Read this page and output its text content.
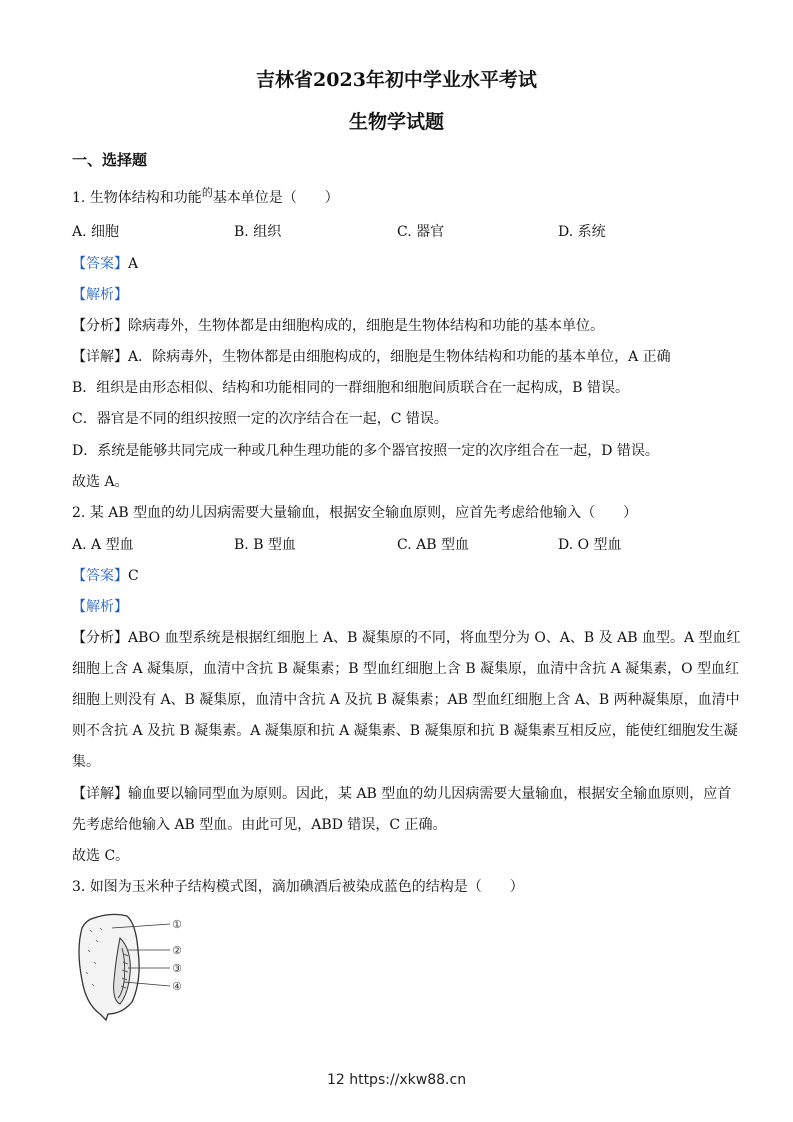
吉林省2023年初中学业水平考试
生物学试题
一、选择题
1. 生物体结构和功能$^的$基本单位是（　　）
A. 细胞	B. 组织	C. 器官	D. 系统
【答案】A
【解析】
【分析】除病毒外，生物体都是由细胞构成的，细胞是生物体结构和功能的基本单位。
【详解】A．除病毒外，生物体都是由细胞构成的，细胞是生物体结构和功能的基本单位，A 正确
B．组织是由形态相似、结构和功能相同的一群细胞和细胞间质联合在一起构成，B 错误。
C．器官是不同的组织按照一定的次序结合在一起，C 错误。
D．系统是能够共同完成一种或几种生理功能的多个器官按照一定的次序组合在一起，D 错误。
故选 A。
2. 某 AB 型血的幼儿因病需要大量输血，根据安全输血原则，应首先考虑给他输入（　　）
A. A 型血	B. B 型血	C. AB 型血	D. O 型血
【答案】C
【解析】
【分析】ABO 血型系统是根据红细胞上 A、B 凝集原的不同，将血型分为 O、A、B 及 AB 血型。A 型血红
细胞上含 A 凝集原，血清中含抗 B 凝集素；B 型血红细胞上含 B 凝集原，血清中含抗 A 凝集素，O 型血红
细胞上则没有 A、B 凝集原，血清中含抗 A 及抗 B 凝集素；AB 型血红细胞上含 A、B 两种凝集原，血清中
则不含抗 A 及抗 B 凝集素。A 凝集原和抗 A 凝集素、B 凝集原和抗 B 凝集素互相反应，能使红细胞发生凝
集。
【详解】输血要以输同型血为原则。因此，某 AB 型血的幼儿因病需要大量输血，根据安全输血原则，应首
先考虑给他输入 AB 型血。由此可见，ABD 错误，C 正确。
故选 C。
3. 如图为玉米种子结构模式图，滴加碘酒后被染成蓝色的结构是（　　）
①
②
③
④
12 https://xkw88.cn
